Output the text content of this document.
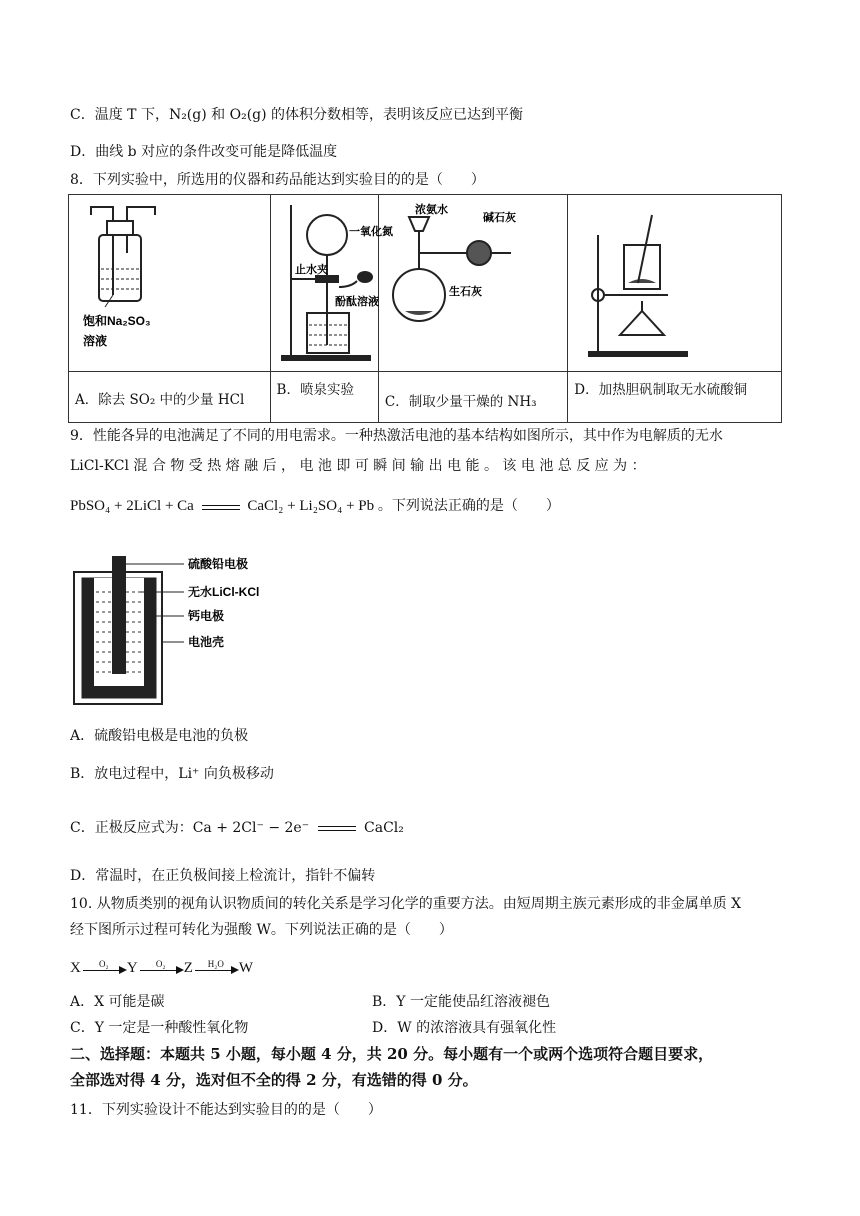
C．温度 T 下，N₂(g) 和 O₂(g) 的体积分数相等，表明该反应已达到平衡
D．曲线 b 对应的条件改变可能是降低温度
8．下列实验中，所选用的仪器和药品能达到实验目的的是（　　）
饱和Na₂SO₃
溶液	一氧化氮
止水夹
酚酞溶液	浓氨水
碱石灰
生石灰

A．除去 SO₂ 中的少量 HCl	B．喷泉实验	C．制取少量干燥的 NH₃	D．加热胆矾制取无水硫酸铜
9．性能各异的电池满足了不同的用电需求。一种热激活电池的基本结构如图所示，其中作为电解质的无水
LiCl-KCl 混 合 物 受 热 熔 融 后 ， 电 池 即 可 瞬 间 输 出 电 能 。 该 电 池 总 反 应 为 ：
PbSO₄ + 2LiCl + Ca	CaCl₂ + Li₂SO₄ + Pb 。下列说法正确的是（　　）
硫酸铅电极
无水LiCl-KCl
钙电极
电池壳
A．硫酸铅电极是电池的负极
B．放电过程中，Li⁺ 向负极移动
C．正极反应式为：Ca + 2Cl⁻ − 2e⁻	CaCl₂
D．常温时，在正负极间接上检流计，指针不偏转
10. 从物质类别的视角认识物质间的转化关系是学习化学的重要方法。由短周期主族元素形成的非金属单质 X
经下图所示过程可转化为强酸 W。下列说法正确的是（　　）
X	O₂	Y	O₂	Z	H₂O W
A．X 可能是碳	B．Y 一定能使品红溶液褪色
C．Y 一定是一种酸性氧化物	D．W 的浓溶液具有强氧化性
二、选择题：本题共 5 小题，每小题 4 分，共 20 分。每小题有一个或两个选项符合题目要求，
全部选对得 4 分，选对但不全的得 2 分，有选错的得 0 分。
11．下列实验设计不能达到实验目的的是（　　）
